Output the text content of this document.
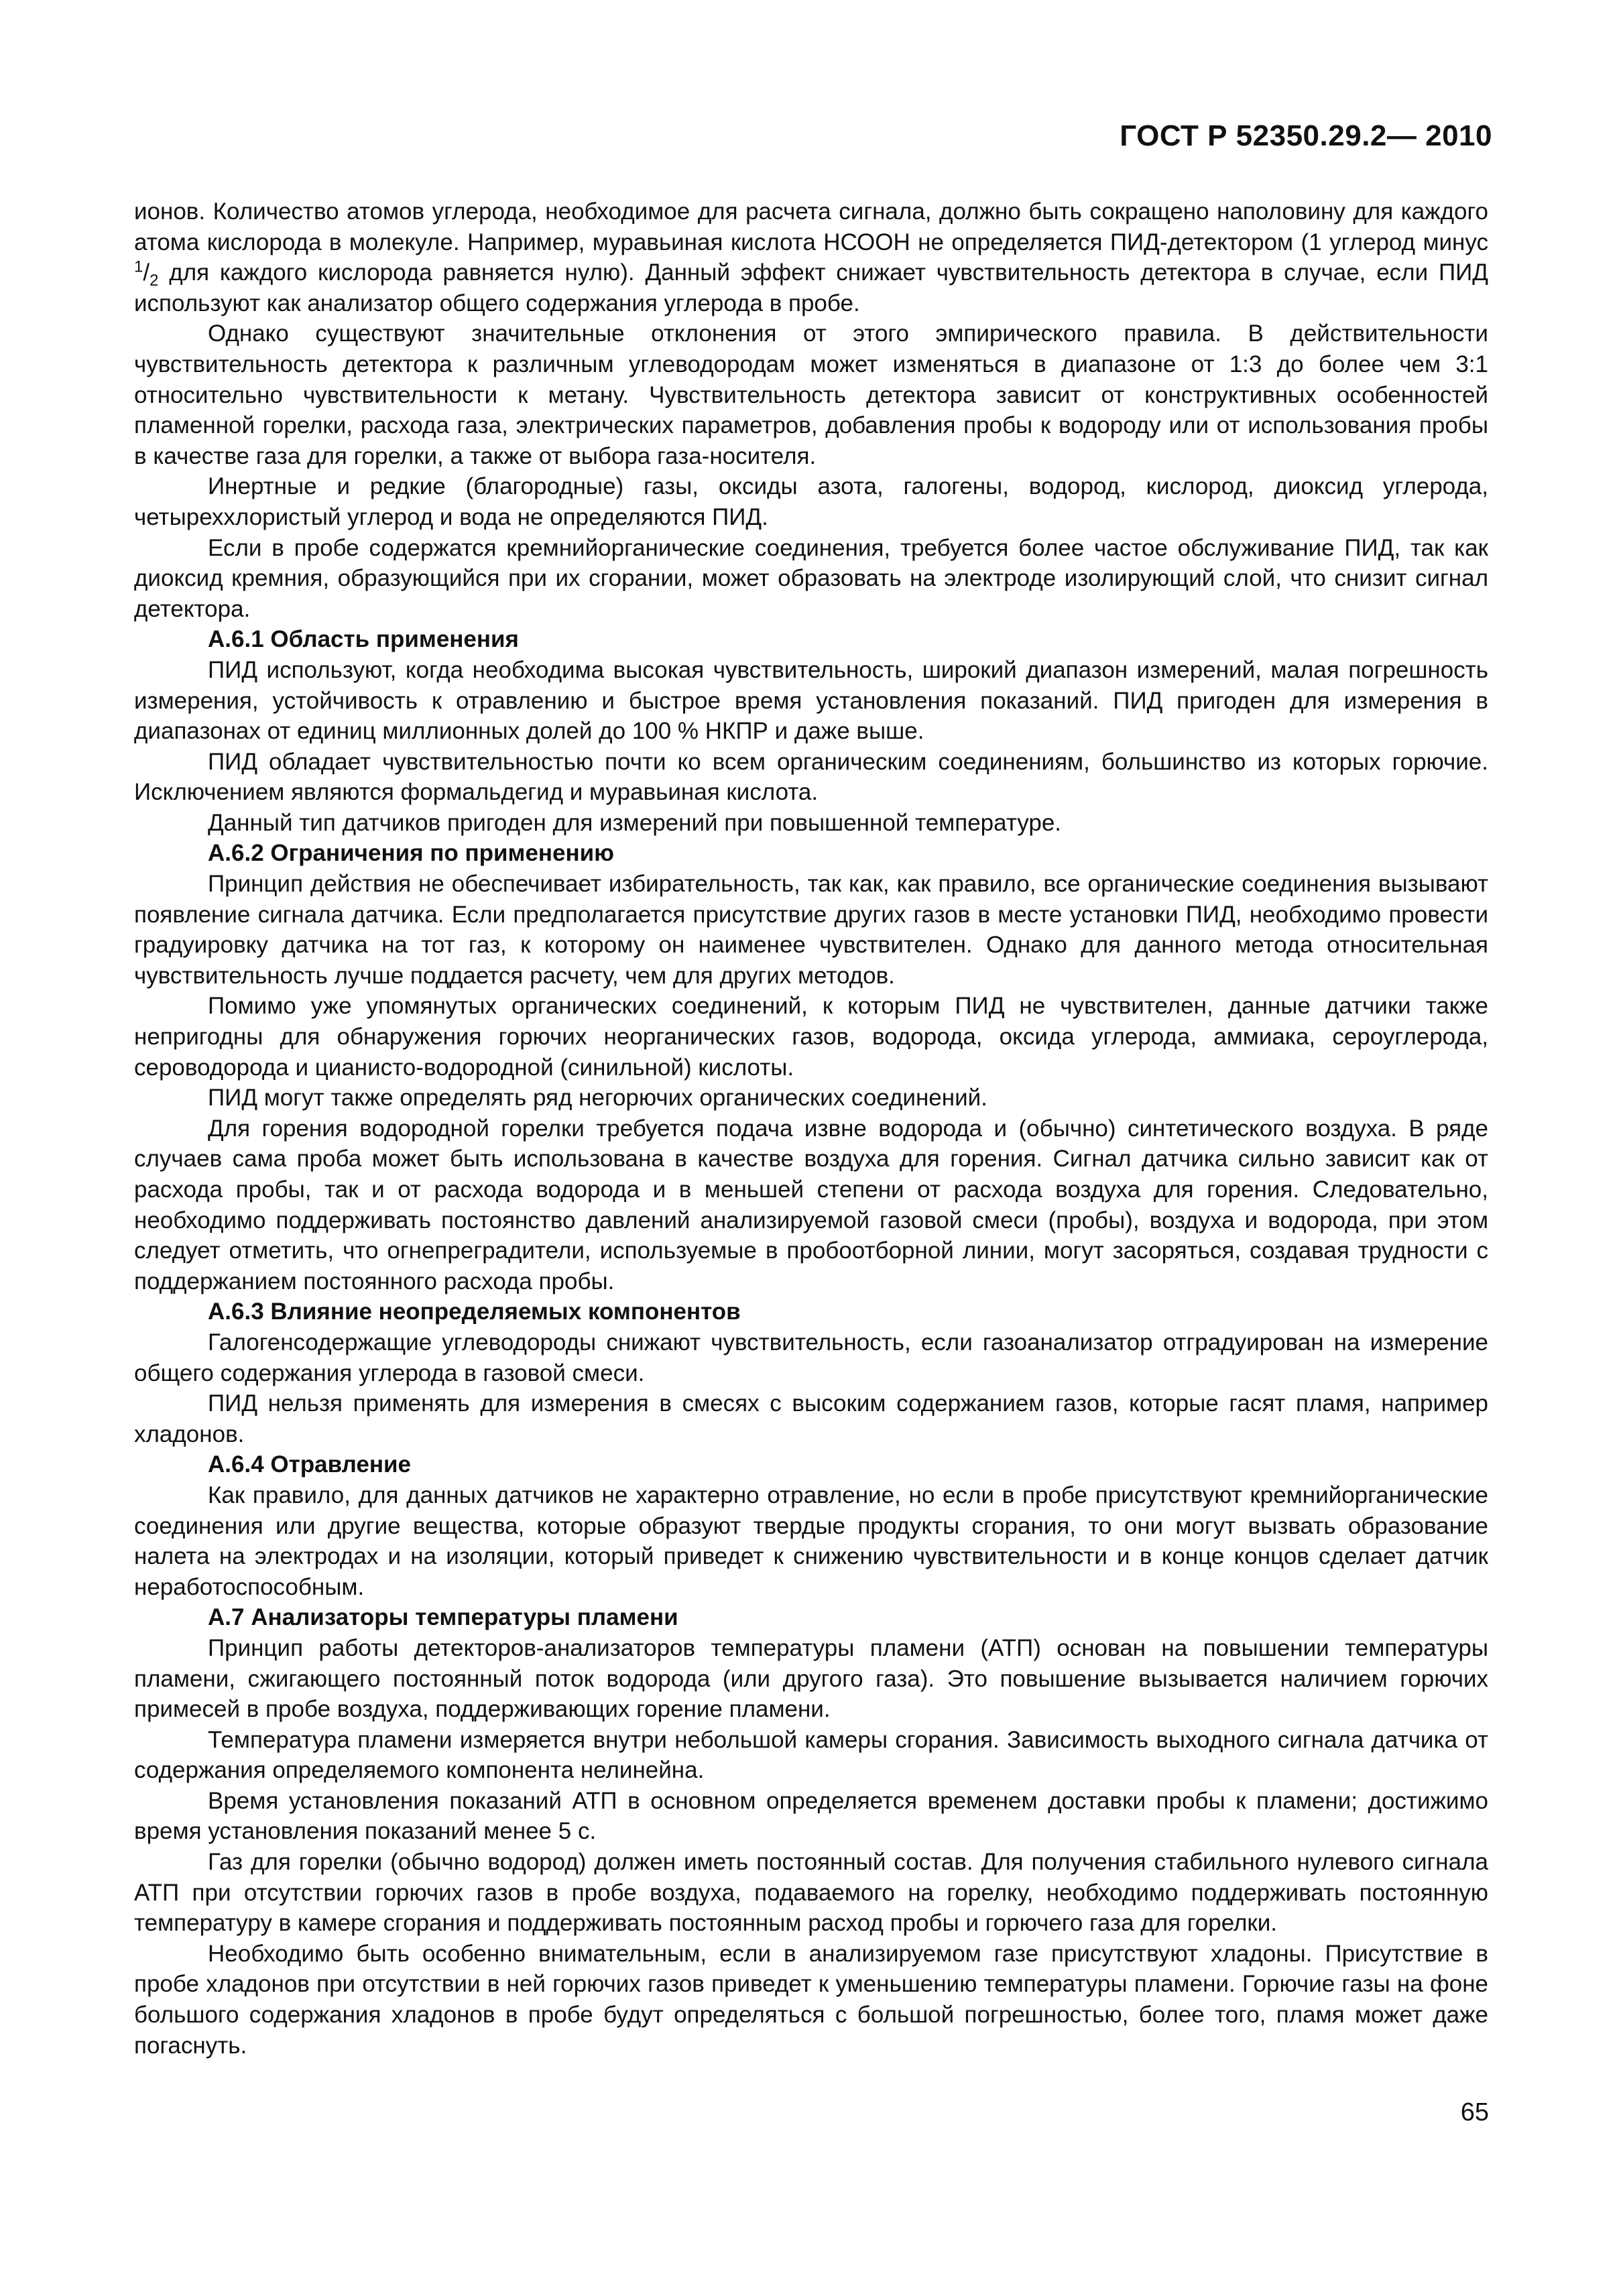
ГОСТ Р 52350.29.2— 2010

ионов. Количество атомов углерода, необходимое для расчета сигнала, должно быть сокращено наполовину для каждого атома кислорода в молекуле. Например, муравьиная кислота НСООН не определяется ПИД-детектором (1 углерод минус $^1/_2$ для каждого кислорода равняется нулю). Данный эффект снижает чувствительность детектора в случае, если ПИД используют как анализатор общего содержания углерода в пробе.

Однако существуют значительные отклонения от этого эмпирического правила. В действительности чувствительность детектора к различным углеводородам может изменяться в диапазоне от 1:3 до более чем 3:1 относительно чувствительности к метану. Чувствительность детектора зависит от конструктивных особенностей пламенной горелки, расхода газа, электрических параметров, добавления пробы к водороду или от использования пробы в качестве газа для горелки, а также от выбора газа-носителя.

Инертные и редкие (благородные) газы, оксиды азота, галогены, водород, кислород, диоксид углерода, четыреххлористый углерод и вода не определяются ПИД.

Если в пробе содержатся кремнийорганические соединения, требуется более частое обслуживание ПИД, так как диоксид кремния, образующийся при их сгорании, может образовать на электроде изолирующий слой, что снизит сигнал детектора.

А.6.1 Область применения

ПИД используют, когда необходима высокая чувствительность, широкий диапазон измерений, малая погрешность измерения, устойчивость к отравлению и быстрое время установления показаний. ПИД пригоден для измерения в диапазонах от единиц миллионных долей до 100 % НКПР и даже выше.

ПИД обладает чувствительностью почти ко всем органическим соединениям, большинство из которых горючие. Исключением являются формальдегид и муравьиная кислота.

Данный тип датчиков пригоден для измерений при повышенной температуре.

А.6.2 Ограничения по применению

Принцип действия не обеспечивает избирательность, так как, как правило, все органические соединения вызывают появление сигнала датчика. Если предполагается присутствие других газов в месте установки ПИД, необходимо провести градуировку датчика на тот газ, к которому он наименее чувствителен. Однако для данного метода относительная чувствительность лучше поддается расчету, чем для других методов.

Помимо уже упомянутых органических соединений, к которым ПИД не чувствителен, данные датчики также непригодны для обнаружения горючих неорганических газов, водорода, оксида углерода, аммиака, сероуглерода, сероводорода и цианисто-водородной (синильной) кислоты.

ПИД могут также определять ряд негорючих органических соединений.

Для горения водородной горелки требуется подача извне водорода и (обычно) синтетического воздуха. В ряде случаев сама проба может быть использована в качестве воздуха для горения. Сигнал датчика сильно зависит как от расхода пробы, так и от расхода водорода и в меньшей степени от расхода воздуха для горения. Следовательно, необходимо поддерживать постоянство давлений анализируемой газовой смеси (пробы), воздуха и водорода, при этом следует отметить, что огнепреградители, используемые в пробоотборной линии, могут засоряться, создавая трудности с поддержанием постоянного расхода пробы.

А.6.3 Влияние неопределяемых компонентов

Галогенсодержащие углеводороды снижают чувствительность, если газоанализатор отградуирован на измерение общего содержания углерода в газовой смеси.

ПИД нельзя применять для измерения в смесях с высоким содержанием газов, которые гасят пламя, например хладонов.

А.6.4 Отравление

Как правило, для данных датчиков не характерно отравление, но если в пробе присутствуют кремнийорганические соединения или другие вещества, которые образуют твердые продукты сгорания, то они могут вызвать образование налета на электродах и на изоляции, который приведет к снижению чувствительности и в конце концов сделает датчик неработоспособным.

А.7 Анализаторы температуры пламени

Принцип работы детекторов-анализаторов температуры пламени (АТП) основан на повышении температуры пламени, сжигающего постоянный поток водорода (или другого газа). Это повышение вызывается наличием горючих примесей в пробе воздуха, поддерживающих горение пламени.

Температура пламени измеряется внутри небольшой камеры сгорания. Зависимость выходного сигнала датчика от содержания определяемого компонента нелинейна.

Время установления показаний АТП в основном определяется временем доставки пробы к пламени; достижимо время установления показаний менее 5 с.

Газ для горелки (обычно водород) должен иметь постоянный состав. Для получения стабильного нулевого сигнала АТП при отсутствии горючих газов в пробе воздуха, подаваемого на горелку, необходимо поддерживать постоянную температуру в камере сгорания и поддерживать постоянным расход пробы и горючего газа для горелки.

Необходимо быть особенно внимательным, если в анализируемом газе присутствуют хладоны. Присутствие в пробе хладонов при отсутствии в ней горючих газов приведет к уменьшению температуры пламени. Горючие газы на фоне большого содержания хладонов в пробе будут определяться с большой погрешностью, более того, пламя может даже погаснуть.

65
